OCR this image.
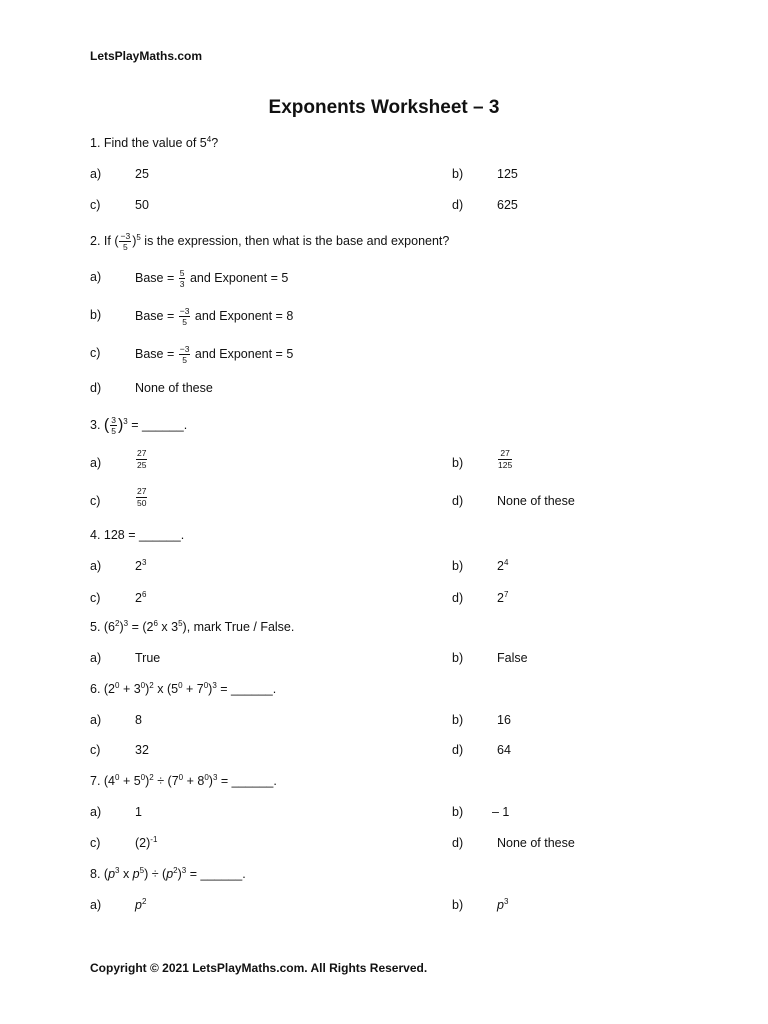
LetsPlayMaths.com
Exponents Worksheet – 3
1. Find the value of $5^4$?
a)	25	b)	125
c)	50	d)	625
2. If ( $\frac{-3}{5} )^5$ is the expression, then what is the base and exponent?
a)	Base = $\frac{5}{3}$ and Exponent = 5
b)	Base = $\frac{-3}{5}$ and Exponent = 8
c)	Base = $\frac{-3}{5}$ and Exponent = 5
d)	None of these
3. ( $\frac{3}{5} )^3$ = ______.
a)	$\frac{27}{25}$	b)	$\frac{27}{125}$
c)	$\frac{27}{50}$	d)	None of these
4. 128 = ______.
a)	$2^3$	b)	$2^4$
c)	$2^6$	d)	$2^7$
5. $(6^2)^3 = (2^6$ x $3^5$), mark True / False.
a)	True	b)	False
6. $(2^0 + 3^0)^2$ x $(5^0 + 7^0)^3$ = ______.
a)	8	b)	16
c)	32	d)	64
7. $(4^0 + 5^0)^2 \div (7^0 + 8^0)^3$ = ______.
a)	1	b) – 1
c)	$(2)^{-1}$	d)	None of these
8. ($p^3$ x $p^5) \div (p^2)^3$ = ______.
a)	$p^2$	b)	$p^3$
Copyright © 2021 LetsPlayMaths.com. All Rights Reserved.
